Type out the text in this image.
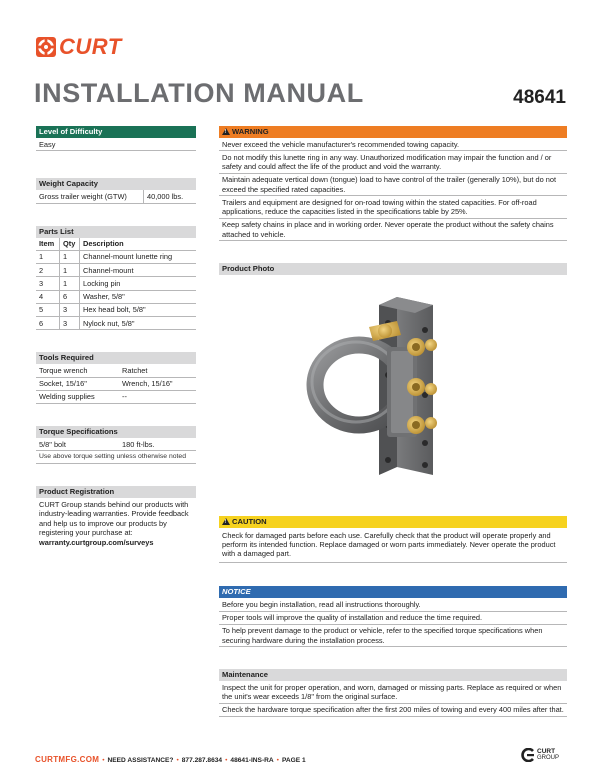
CURT
INSTALLATION MANUAL	48641
Level of Difficulty
Easy
Weight Capacity
Gross trailer weight (GTW)	40,000 lbs.
Parts List
Item	Qty	Description
1	1	Channel-mount lunette ring
2	1	Channel-mount
3	1	Locking pin
4	6	Washer, 5/8"
5	3	Hex head bolt, 5/8"
6	3	Nylock nut, 5/8"
Tools Required
Torque wrench	Ratchet
Socket, 15/16"	Wrench, 15/16"
Welding supplies	--
Torque Specifications
5/8" bolt	180 ft-lbs.
Use above torque setting unless otherwise noted
Product Registration
CURT Group stands behind our products with industry-leading warranties. Provide feedback and help us to improve our products by registering your purchase at:
warranty.curtgroup.com/surveys
!WARNING
Never exceed the vehicle manufacturer's recommended towing capacity.
Do not modify this lunette ring in any way. Unauthorized modification may impair the function and / or safety and could affect the life of the product and void the warranty.
Maintain adequate vertical down (tongue) load to have control of the trailer (generally 10%), but do not exceed the specified rated capacities.
Trailers and equipment are designed for on-road towing within the stated capacities. For off-road applications, reduce the capacities listed in the specifications table by 25%.
Keep safety chains in place and in working order. Never operate the product without the safety chains attached to vehicle.
Product Photo
!CAUTION
Check for damaged parts before each use. Carefully check that the product will operate properly and perform its intended function. Replace damaged or worn parts immediately. Never operate the product with a damaged part.
NOTICE
Before you begin installation, read all instructions thoroughly.
Proper tools will improve the quality of installation and reduce the time required.
To help prevent damage to the product or vehicle, refer to the specified torque specifications when securing hardware during the installation process.
Maintenance
Inspect the unit for proper operation, and worn, damaged or missing parts. Replace as required or when the unit's wear exceeds 1/8" from the original surface.
Check the hardware torque specification after the first 200 miles of towing and every 400 miles after that.
CURTMFG.COM • NEED ASSISTANCE? • 877.287.8634 • 48641-INS-RA • PAGE 1
CURT
GROUP
